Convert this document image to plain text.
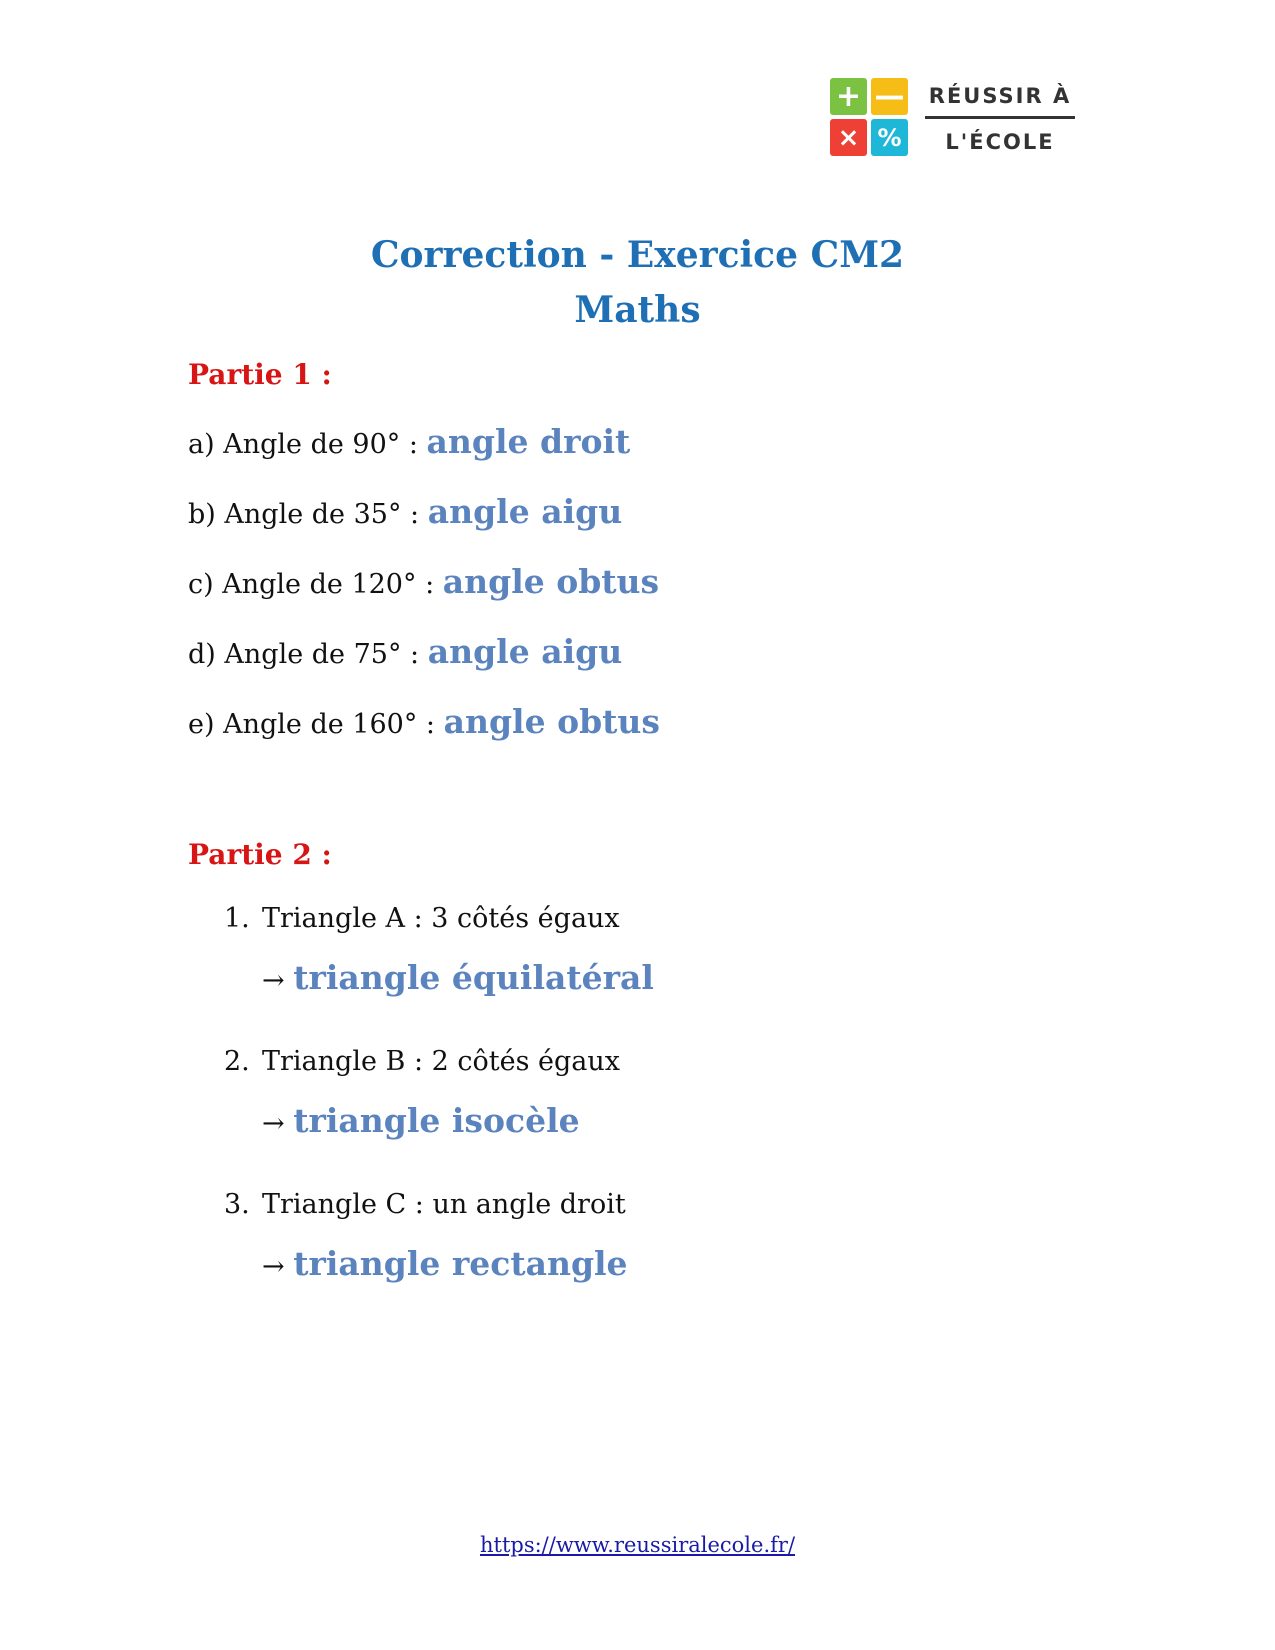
+ —
× %
RÉUSSIR À
L'ÉCOLE
Correction - Exercice CM2
Maths
Partie 1 :
a) Angle de 90° : angle droit
b) Angle de 35° : angle aigu
c) Angle de 120° : angle obtus
d) Angle de 75° : angle aigu
e) Angle de 160° : angle obtus
Partie 2 :
1. Triangle A : 3 côtés égaux
→ triangle équilatéral
2. Triangle B : 2 côtés égaux
→ triangle isocèle
3. Triangle C : un angle droit
→ triangle rectangle
https://www.reussiralecole.fr/
